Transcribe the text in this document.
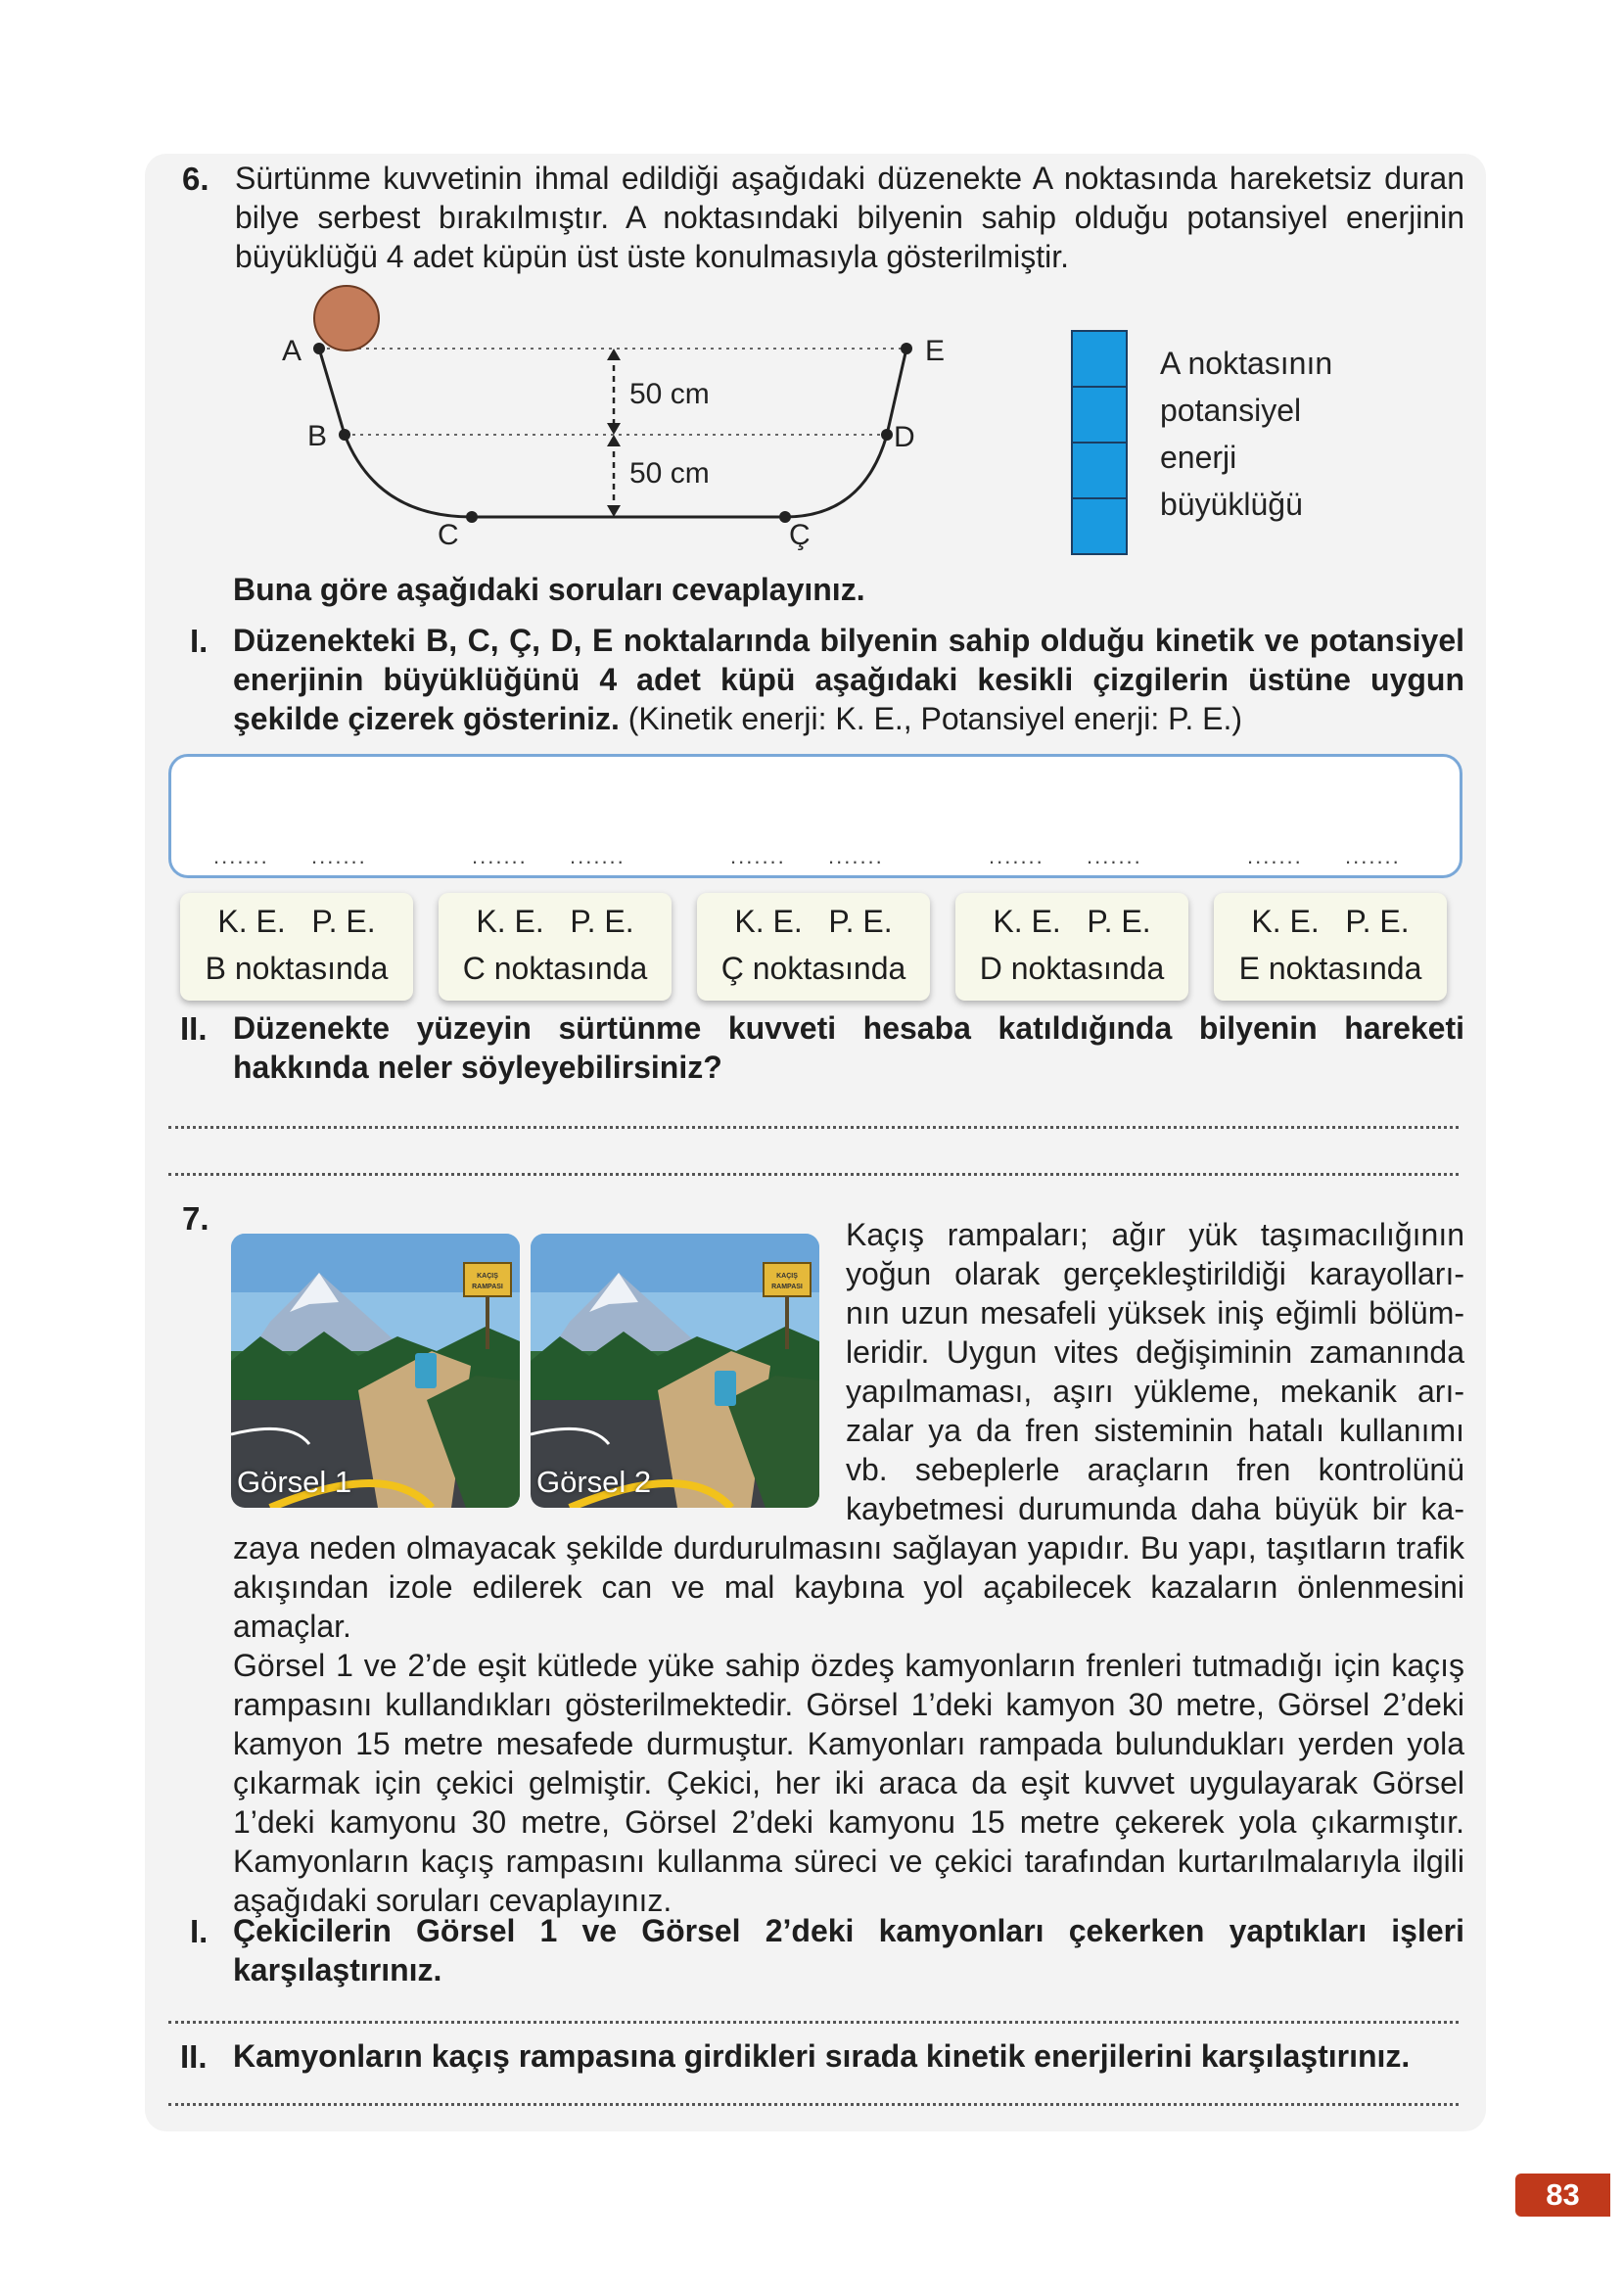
6. Sürtünme kuvvetinin ihmal edildiği aşağıdaki düzenekte A noktasında hareketsiz duran bilye serbest bırakılmıştır. A noktasındaki bilyenin sahip olduğu potansiyel enerjinin büyüklüğü 4 adet küpün üst üste konulmasıyla gösterilmiştir.
A
B
C	Ç
D
E
50 cm
50 cm
A noktasının
potansiyel
enerji
büyüklüğü
Buna göre aşağıdaki soruları cevaplayınız.
I. Düzenekteki B, C, Ç, D, E noktalarında bilyenin sahip olduğu kinetik ve potansiyel enerjinin büyüklüğünü 4 adet küpü aşağıdaki kesikli çizgilerin üstüne uygun şekilde çizerek gösteriniz. (Kinetik enerji: K. E., Potansiyel enerji: P. E.)
....... .......	....... .......	....... .......	....... .......	....... .......
K. E.   P. E.
B noktasında
K. E.   P. E.
C noktasında
K. E.   P. E.
Ç noktasında
K. E.   P. E.
D noktasında
K. E.   P. E.
E noktasında
II. Düzenekte yüzeyin sürtünme kuvveti hesaba katıldığında bilyenin hareketi hakkında neler söyleyebilirsiniz?
7.
KAÇIŞ
RAMPASI
Görsel 1
KAÇIŞ
RAMPASI
Görsel 2
Kaçış rampaları; ağır yük taşımacılığının
yoğun olarak gerçekleştirildiği karayolları-
nın uzun mesafeli yüksek iniş eğimli bölüm-
leridir. Uygun vites değişiminin zamanında
yapılmaması, aşırı yükleme, mekanik arı-
zalar ya da fren sisteminin hatalı kullanımı
vb. sebeplerle araçların fren kontrolünü
kaybetmesi durumunda daha büyük bir ka-
zaya neden olmayacak şekilde durdurulmasını sağlayan yapıdır. Bu yapı, taşıtların trafik akışından izole edilerek can ve mal kaybına yol açabilecek kazaların önlenmesini amaçlar.
Görsel 1 ve 2’de eşit kütlede yüke sahip özdeş kamyonların frenleri tutmadığı için kaçış rampasını kullandıkları gösterilmektedir. Görsel 1’deki kamyon 30 metre, Görsel 2’deki kamyon 15 metre mesafede durmuştur. Kamyonları rampada bulundukları yerden yola çıkarmak için çekici gelmiştir. Çekici, her iki araca da eşit kuvvet uygulayarak Görsel 1’deki kamyonu 30 metre, Görsel 2’deki kamyonu 15 metre çekerek yola çıkarmıştır. Kamyonların kaçış rampasını kullanma süreci ve çekici tarafından kurtarılmalarıyla ilgili aşağıdaki soruları cevaplayınız.
I. Çekicilerin Görsel 1 ve Görsel 2’deki kamyonları çekerken yaptıkları işleri karşılaştırınız.
II. Kamyonların kaçış rampasına girdikleri sırada kinetik enerjilerini karşılaştırınız.
83
